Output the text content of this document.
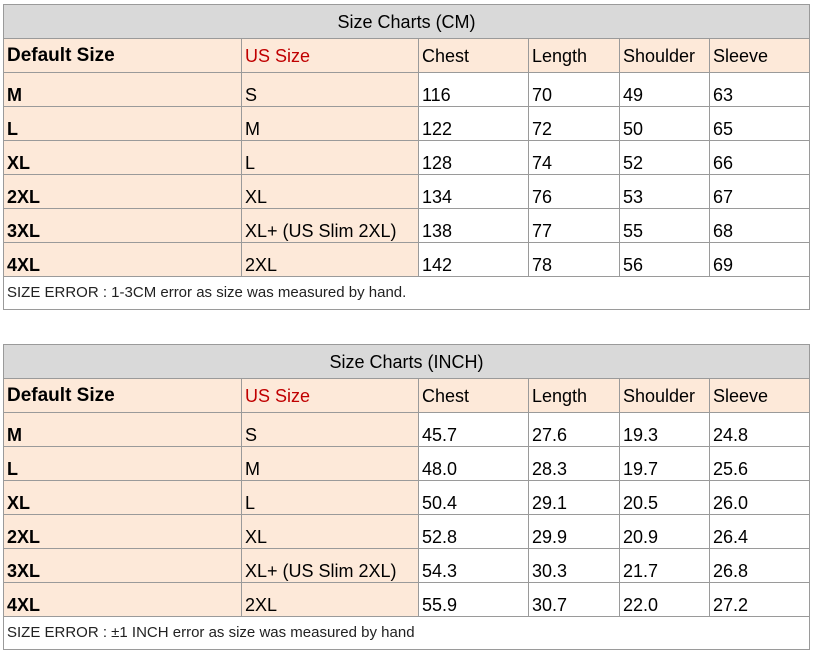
Size Charts (CM)					
Default Size	US Size	Chest	Length	Shoulder	Sleeve
M	S	116	70	49	63
L	M	122	72	50	65
XL	L	128	74	52	66
2XL	XL	134	76	53	67
3XL	XL+ (US Slim 2XL)	138	77	55	68
4XL	2XL	142	78	56	69
SIZE ERROR : 1-3CM error as size was measured by hand.					
Size Charts (INCH)					
Default Size	US Size	Chest	Length	Shoulder	Sleeve
M	S	45.7	27.6	19.3	24.8
L	M	48.0	28.3	19.7	25.6
XL	L	50.4	29.1	20.5	26.0
2XL	XL	52.8	29.9	20.9	26.4
3XL	XL+ (US Slim 2XL)	54.3	30.3	21.7	26.8
4XL	2XL	55.9	30.7	22.0	27.2
SIZE ERROR : ±1 INCH error as size was measured by hand					
